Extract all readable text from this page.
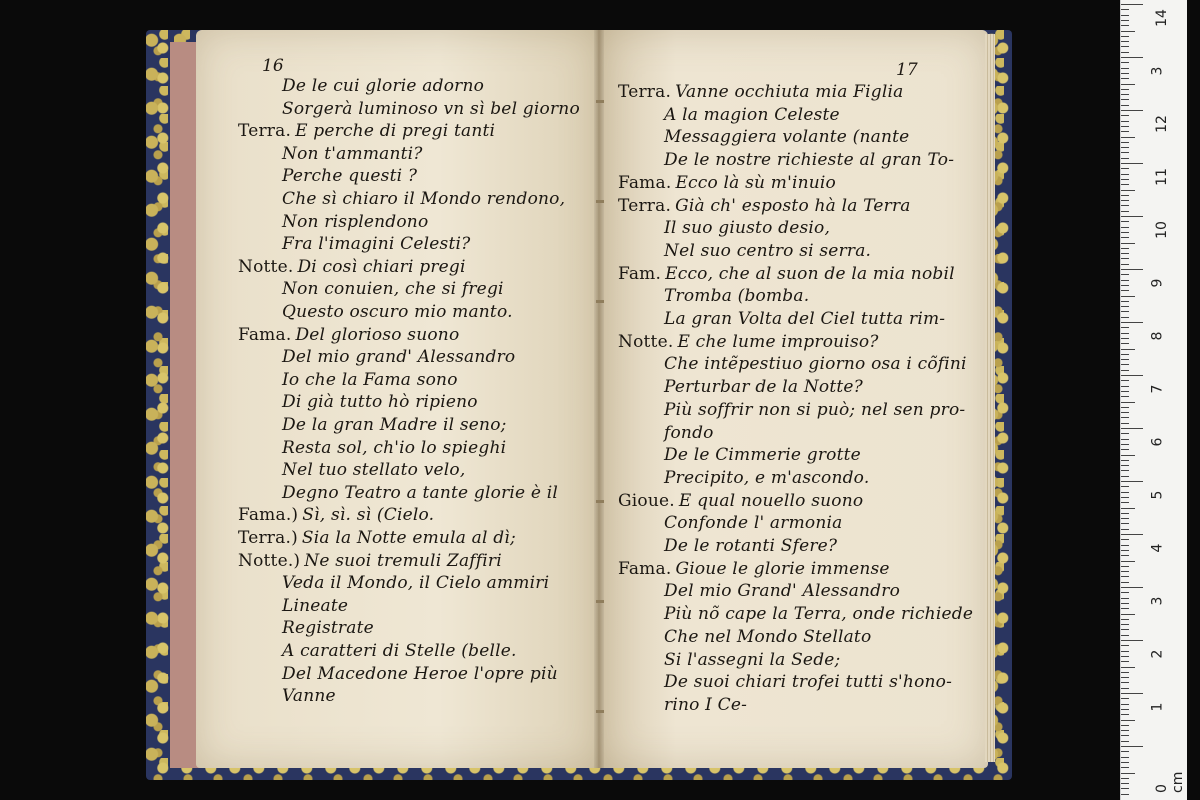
16
De le cui glorie adorno
Sorgerà luminoso vn sì bel giorno
Terra. E perche di pregi tanti
Non t'ammanti?
Perche questi ?
Che sì chiaro il Mondo rendono,
Non risplendono
Fra l'imagini Celesti?
Notte. Di così chiari pregi
Non conuien, che si fregi
Questo oscuro mio manto.
Fama. Del glorioso suono
Del mio grand' Alessandro
Io che la Fama sono
Di già tutto hò ripieno
De la gran Madre il seno;
Resta sol, ch'io lo spieghi
Nel tuo stellato velo,
Degno Teatro a tante glorie è il
Fama.) Sì, sì. sì (Cielo.
Terra.) Sia la Notte emula al dì;
Notte.) Ne suoi tremuli Zaffiri
Veda il Mondo, il Cielo ammiri
Lineate
Registrate
A caratteri di Stelle (belle.
Del Macedone Heroe l'opre più
Vanne
17
Terra. Vanne occhiuta mia Figlia
A la magion Celeste
Messaggiera volante (nante
De le nostre richieste al gran To-
Fama. Ecco là sù m'inuio
Terra. Già ch' esposto hà la Terra
Il suo giusto desio,
Nel suo centro si serra.
Fam. Ecco, che al suon de la mia nobil
Tromba (bomba.
La gran Volta del Ciel tutta rim-
Notte. E che lume improuiso?
Che intẽpestiuo giorno osa i cõfini
Perturbar de la Notte?
Più soffrir non si può; nel sen pro-
fondo
De le Cimmerie grotte
Precipito, e m'ascondo.
Gioue. E qual nouello suono
Confonde l' armonia
De le rotanti Sfere?
Fama. Gioue le glorie immense
Del mio Grand' Alessandro
Più nõ cape la Terra, onde richiede
Che nel Mondo Stellato
Si l'assegni la Sede;
De suoi chiari trofei tutti s'hono-
rino I Ce-
14
3
12
11
10
9
8
7
6
5
4
3
2
1
0 cm
